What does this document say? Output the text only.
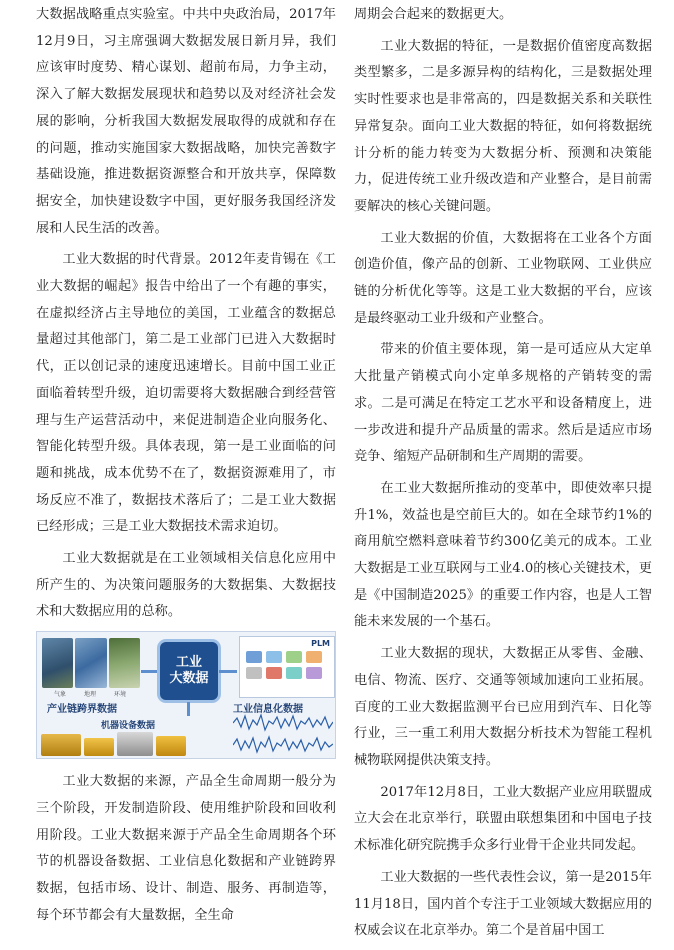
大数据战略重点实验室。中共中央政治局，2017年12月9日，习主席强调大数据发展日新月异，我们应该审时度势、精心谋划、超前布局，力争主动，深入了解大数据发展现状和趋势以及对经济社会发展的影响，分析我国大数据发展取得的成就和存在的问题，推动实施国家大数据战略，加快完善数字基础设施，推进数据资源整合和开放共享，保障数据安全，加快建设数字中国，更好服务我国经济发展和人民生活的改善。

工业大数据的时代背景。2012年麦肯锡在《工业大数据的崛起》报告中给出了一个有趣的事实，在虚拟经济占主导地位的美国，工业蕴含的数据总量超过其他部门，第二是工业部门已进入大数据时代，正以创记录的速度迅速增长。目前中国工业正面临着转型升级，迫切需要将大数据融合到经营管理与生产运营活动中，来促进制造企业向服务化、智能化转型升级。具体表现，第一是工业面临的问题和挑战，成本优势不在了，数据资源难用了，市场反应不准了，数据技术落后了；二是工业大数据已经形成；三是工业大数据技术需求迫切。

工业大数据就是在工业领域相关信息化应用中所产生的、为决策问题服务的大数据集、大数据技术和大数据应用的总称。

气象	地理	环境
产业链跨界数据
工业
大数据
PLM
工业信息化数据
机器设备数据

工业大数据的来源，产品全生命周期一般分为三个阶段，开发制造阶段、使用维护阶段和回收利用阶段。工业大数据来源于产品全生命周期各个环节的机器设备数据、工业信息化数据和产业链跨界数据，包括市场、设计、制造、服务、再制造等，每个环节都会有大量数据，全生命

周期会合起来的数据更大。

工业大数据的特征，一是数据价值密度高数据类型繁多，二是多源异构的结构化，三是数据处理实时性要求也是非常高的，四是数据关系和关联性异常复杂。面向工业大数据的特征，如何将数据统计分析的能力转变为大数据分析、预测和决策能力，促进传统工业升级改造和产业整合，是目前需要解决的核心关键问题。

工业大数据的价值，大数据将在工业各个方面创造价值，像产品的创新、工业物联网、工业供应链的分析优化等等。这是工业大数据的平台，应该是最终驱动工业升级和产业整合。

带来的价值主要体现，第一是可适应从大定单大批量产销模式向小定单多规格的产销转变的需求。二是可满足在特定工艺水平和设备精度上，进一步改进和提升产品质量的需求。然后是适应市场竞争、缩短产品研制和生产周期的需要。

在工业大数据所推动的变革中，即使效率只提升1%，效益也是空前巨大的。如在全球节约1%的商用航空燃料意味着节约300亿美元的成本。工业大数据是工业互联网与工业4.0的核心关键技术，更是《中国制造2025》的重要工作内容，也是人工智能未来发展的一个基石。

工业大数据的现状，大数据正从零售、金融、电信、物流、医疗、交通等领域加速向工业拓展。百度的工业大数据监测平台已应用到汽车、日化等行业，三一重工利用大数据分析技术为智能工程机械物联网提供决策支持。

2017年12月8日，工业大数据产业应用联盟成立大会在北京举行，联盟由联想集团和中国电子技术标准化研究院携手众多行业骨干企业共同发起。

工业大数据的一些代表性会议，第一是2015年11月18日，国内首个专注于工业领域大数据应用的权威会议在北京举办。第二个是首届中国工
